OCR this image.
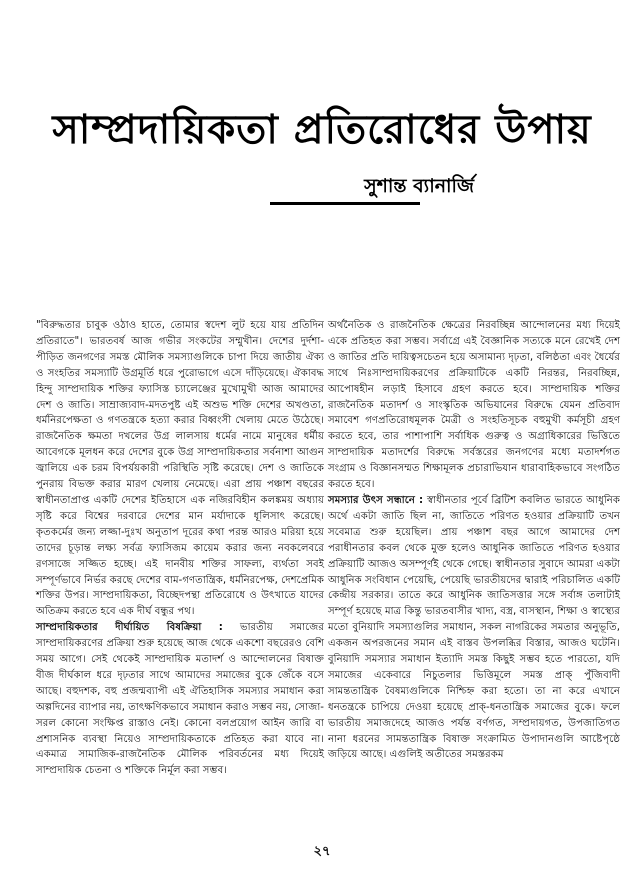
সাম্প্রদায়িকতা প্রতিরোধের উপায়
সুশান্ত ব্যানার্জি

"বিরুদ্ধতার চাবুক ওঠাও হাতে, তোমার স্বদেশ লুট হয়ে যায় প্রতিদিন প্রতিরাতে"। ভারতবর্ষ আজ গভীর সংকটের সম্মুখীন। দেশের দুর্দশা-পীড়িত জনগণের সমস্ত মৌলিক সমস্যাগুলিকে চাপা দিয়ে জাতীয় ঐক্য ও সংহতির সমস্যাটি উগ্রমূর্তি ধরে পুরোভাগে এসে দাঁড়িয়েছে। ঐকাবদ্ধ হিন্দু সাম্প্রদায়িক শক্তির ফ্যাসিস্ত চ্যালেঞ্জের মুখোমুখী আজ আমাদের দেশ ও জাতি। সাম্রাজ্যবাদ-মদতপুষ্ট এই অশুভ শক্তি দেশের অখণ্ডতা, ধর্মনিরপেক্ষতা ও গণতন্ত্রকে হত্যা করার বিধ্বংসী খেলায় মেতে উঠেছে। রাজনৈতিক ক্ষমতা দখলের উগ্র লালসায় ধর্মের নামে মানুষের ধর্মীয় আবেগকে মূলধন করে দেশের বুকে উগ্র সাম্প্রদায়িকতার সর্বনাশা আগুন জ্বালিয়ে এক চরম বিপর্যয়কারী পরিস্থিতি সৃষ্টি করেছে। দেশ ও জাতিকে পুনরায় বিভক্ত করার মারণ খেলায় নেমেছে। এরা প্রায় পঞ্চাশ বছরের স্বাধীনতাপ্রাপ্ত একটি দেশের ইতিহাসে এক নজিরবিহীন কলঙ্কময় অধ্যায় সৃষ্টি করে বিশ্বের দরবারে দেশের মান মর্যাদাকে ধূলিসাৎ করেছে। কৃতকর্মের জন্য লজ্জা-দুঃখ অনুতাপ দূরের কথা পরন্ত আরও মরিয়া হয়ে তাদের চূড়ান্ত লক্ষ্য সর্বত্র ফ্যাসিজম কায়েম করার জন্য নবকলেবরে রণসাজে সজ্জিত হচ্ছে। এই দানবীয় শক্তির সাফল্য, ব্যর্থতা সবই সম্পূর্ণভাবে নির্ভর করছে দেশের বাম-গণতান্ত্রিক, ধর্মনিরপেক্ষ, দেশপ্রেমিক শক্তির উপর। সাম্প্রদায়িকতা, বিচ্ছেদপন্থা প্রতিরোধে ও উৎখাতে যাদের অতিক্রম করতে হবে এক দীর্ঘ বন্ধুর পথ।

সাম্প্রদায়িকতার দীর্ঘায়িত বিষক্রিয়া : ভারতীয় সমাজের সাম্প্রদায়িকরণের প্রক্রিয়া শুরু হয়েছে আজ থেকে একশো বছরেরও বেশি সময় আগে। সেই থেকেই সাম্প্রদায়িক মতাদর্শ ও আন্দোলনের বিষাক্ত বীজ দীর্ঘকাল ধরে দৃঢ়তার সাথে আমাদের সমাজের বুকে জেঁকে বসে আছে। বহুদশক, বহু প্রজন্মব্যাপী এই ঐতিহাসিক সমস্যার সমাধান করা অল্পদিনের ব্যাপার নয়, তাৎক্ষণিকভাবে সমাধান করাও সম্ভব নয়, সোজা-সরল কোনো সংক্ষিপ্ত রাস্তাও নেই। কোনো বলপ্রয়োগ আইন জারি বা প্রশাসনিক ব্যবস্থা নিয়েও সাম্প্রদায়িকতাকে প্রতিহত করা যাবে না। একমাত্র সামাজিক-রাজনৈতিক মৌলিক পরিবর্তনের মধ্য দিয়েই সাম্প্রদায়িক চেতনা ও শক্তিকে নির্মূল করা সম্ভব।

অর্থনৈতিক ও রাজনৈতিক ক্ষেত্রের নিরবচ্ছিন্ন আন্দোলনের মধ্য দিয়েই একে প্রতিহত করা সম্ভব। সর্বাগ্রে এই বৈজ্ঞানিক সত্যকে মনে রেখেই দেশ ও জাতির প্রতি দায়িত্বসচেতন হয়ে অসামান্য দৃঢ়তা, বলিষ্ঠতা এবং ধৈর্যের সাথে নিঃসাম্প্রদায়িকরণের প্রক্রিয়াটিকে একটি নিরন্তর, নিরবচ্ছিন্ন, আপোষহীন লড়াই হিসাবে গ্রহণ করতে হবে। সাম্প্রদায়িক শক্তির রাজনৈতিক মতাদর্শ ও সাংস্কৃতিক অভিযানের বিরুদ্ধে যেমন প্রতিবাদ সমাবেশ গণপ্রতিরোধমূলক মৈত্রী ও সংহতিসূচক বহুমুখী কর্মসূচী গ্রহণ করতে হবে, তার পাশাপাশি সর্বাধিক গুরুত্ব ও অগ্রাধিকারের ভিত্তিতে সাম্প্রদায়িক মতাদর্শের বিরুদ্ধে সর্বস্তরের জনগণের মধ্যে মতাদর্শগত সংগ্রাম ও বিজ্ঞানসম্মত শিক্ষামূলক প্রচারাভিযান ধারাবাহিকভাবে সংগঠিত করতে হবে।

সমস্যার উৎস সন্ধানে : স্বাধীনতার পূর্বে ব্রিটিশ কবলিত ভারতে আধুনিক অর্থে একটা জাতি ছিল না, জাতিতে পরিণত হওয়ার প্রক্রিয়াটি তখন সবেমাত্র শুরু হয়েছিল। প্রায় পঞ্চাশ বছর আগে আমাদের দেশ পরাধীনতার কবল থেকে মুক্ত হলেও আধুনিক জাতিতে পরিণত হওয়ার প্রক্রিয়াটি আজও অসম্পূর্ণই থেকে গেছে। স্বাধীনতার সুবাদে আমরা একটা আধুনিক সংবিধান পেয়েছি, পেয়েছি ভারতীয়দের দ্বারাই পরিচালিত একটি কেন্দ্রীয় সরকার। তাতে করে আধুনিক জাতিসত্তার সঙ্গে সর্বাঙ্গ তলাটাই সম্পূর্ণ হয়েছে মাত্র কিন্তু ভারতবাসীর খাদ্য, বস্ত্র, বাসস্থান, শিক্ষা ও স্বাস্থ্যের মতো বুনিয়াদি সমস্যাগুলির সমাধান, সকল নাগরিকের সমতার অনুভূতি, একজন অপরজনের সমান এই বাস্তব উপলব্ধির বিস্তার, আজও ঘটেনি। বুনিয়াদি সমস্যার সমাধান ইত্যাদি সমস্ত কিছুই সম্ভব হতে পারতো, যদি সমাজের একেবারে নিচুতলার ভিত্তিমূলে সমস্ত প্রাক্ পুঁজিবাদী সামন্ততান্ত্রিক বৈষম্যগুলিকে নিশ্চিহ্ন করা হতো। তা না করে এখানে ধনতন্ত্রকে চাপিয়ে দেওয়া হয়েছে প্রাক্-ধনতান্ত্রিক সমাজের বুকে। ফলে ভারতীয় সমাজদেহে আজও পর্যন্ত বর্ণগত, সম্প্রদায়গত, উপজাতিগত নানা ধরনের সামন্ততান্ত্রিক বিষাক্ত সংক্রামিত উপাদানগুলি আষ্টেপৃষ্ঠে জড়িয়ে আছে। এগুলিই অতীতের সমস্তরকম

২৭
